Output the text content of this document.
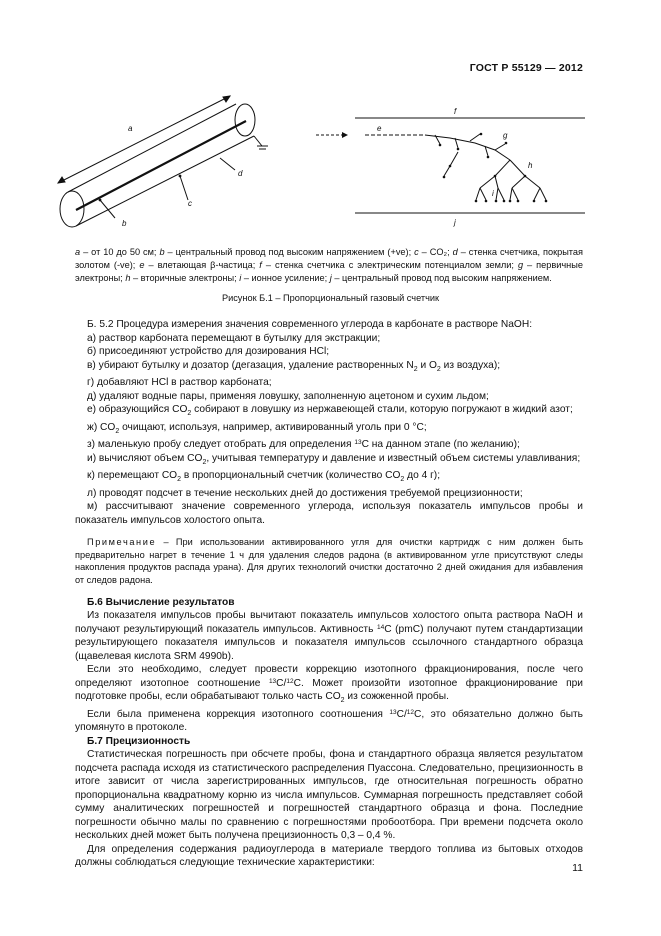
ГОСТ Р 55129 — 2012
a
b
c
d
e
f
g
h
i
j
a – от 10 до 50 см; b – центральный провод под высоким напряжением (+ve); c – CO₂; d – стенка счетчика, покрытая золотом (-ve); e – влетающая β-частица; f – стенка счетчика с электрическим потенциалом земли; g – первичные электроны; h – вторичные электроны; i – ионное усиление; j – центральный провод под высоким напряжением.
Рисунок Б.1 – Пропорциональный газовый счетчик

Б. 5.2 Процедура измерения значения современного углерода в карбонате в растворе NaOH:

а) раствор карбоната перемещают в бутылку для экстракции;

б) присоединяют устройство для дозирования HCl;

в) убирают бутылку и дозатор (дегазация, удаление растворенных $N_2$ и $O_2$ из воздуха);

г) добавляют HCl в раствор карбоната;

д) удаляют водные пары, применяя ловушку, заполненную ацетоном и сухим льдом;

е) образующийся $CO_2$ собирают в ловушку из нержавеющей стали, которую погружают в жидкий азот;

ж) $CO_2$ очищают, используя, например, активированный уголь при 0 °С;

з) маленькую пробу следует отобрать для определения $^{13}$C на данном этапе (по желанию);

и) вычисляют объем $CO_2$, учитывая температуру и давление и известный объем системы улавливания;

к) перемещают $CO_2$ в пропорциональный счетчик (количество $CO_2$ до 4 г);

л) проводят подсчет в течение нескольких дней до достижения требуемой прецизионности;

м) рассчитывают значение современного углерода, используя показатель импульсов пробы и показатель импульсов холостого опыта.

Примечание – При использовании активированного угля для очистки картридж с ним должен быть предварительно нагрет в течение 1 ч для удаления следов радона (в активированном угле присутствуют следы накопления продуктов распада урана). Для других технологий очистки достаточно 2 дней ожидания для избавления от следов радона.

Б.6 Вычисление результатов

Из показателя импульсов пробы вычитают показатель импульсов холостого опыта раствора NaOH и получают результирующий показатель импульсов. Активность $^{14}$C (pmC) получают путем стандартизации результирующего показателя импульсов и показателя импульсов ссылочного стандартного образца (щавелевая кислота SRM 4990b).

Если это необходимо, следует провести коррекцию изотопного фракционирования, после чего определяют изотопное соотношение $^{13}$C/$^{12}$C. Может произойти изотопное фракционирование при подготовке пробы, если обрабатывают только часть $CO_2$ из сожженной пробы.

Если была применена коррекция изотопного соотношения $^{13}$C/$^{12}$C, это обязательно должно быть упомянуто в протоколе.

Б.7 Прецизионность

Статистическая погрешность при обсчете пробы, фона и стандартного образца является результатом подсчета распада исходя из статистического распределения Пуассона. Следовательно, прецизионность в итоге зависит от числа зарегистрированных импульсов, где относительная погрешность обратно пропорциональна квадратному корню из числа импульсов. Суммарная погрешность представляет собой сумму аналитических погрешностей и погрешностей стандартного образца и фона. Последние погрешности обычно малы по сравнению с погрешностями пробоотбора. При времени подсчета около нескольких дней может быть получена прецизионность 0,3 – 0,4 %.

Для определения содержания радиоуглерода в материале твердого топлива из бытовых отходов должны соблюдаться следующие технические характеристики:	11
